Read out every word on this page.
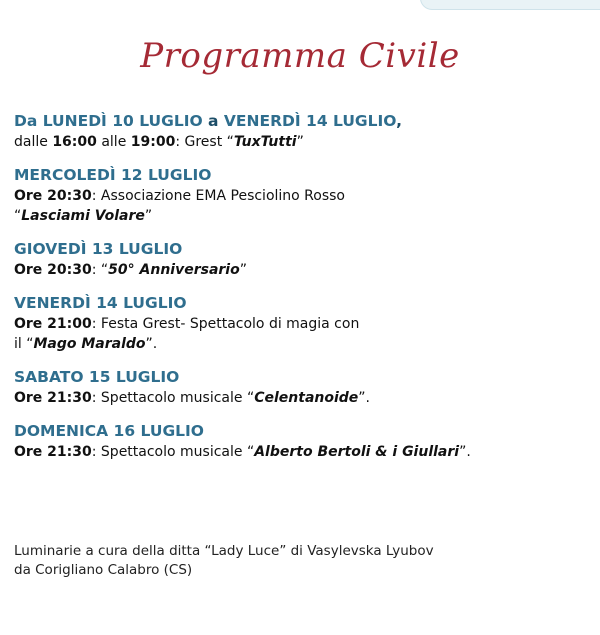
Programma Civile
Da LUNEDÌ 10 LUGLIO a VENERDÌ 14 LUGLIO,
dalle 16:00 alle 19:00: Grest “TuxTutti”
MERCOLEDÌ 12 LUGLIO
Ore 20:30: Associazione EMA Pesciolino Rosso
“Lasciami Volare”
GIOVEDÌ 13 LUGLIO
Ore 20:30: “50° Anniversario”
VENERDÌ 14 LUGLIO
Ore 21:00: Festa Grest- Spettacolo di magia con
il “Mago Maraldo”.
SABATO 15 LUGLIO
Ore 21:30: Spettacolo musicale “Celentanoide”.
DOMENICA 16 LUGLIO
Ore 21:30: Spettacolo musicale “Alberto Bertoli & i Giullari”.
Luminarie a cura della ditta “Lady Luce” di Vasylevska Lyubov
da Corigliano Calabro (CS)
